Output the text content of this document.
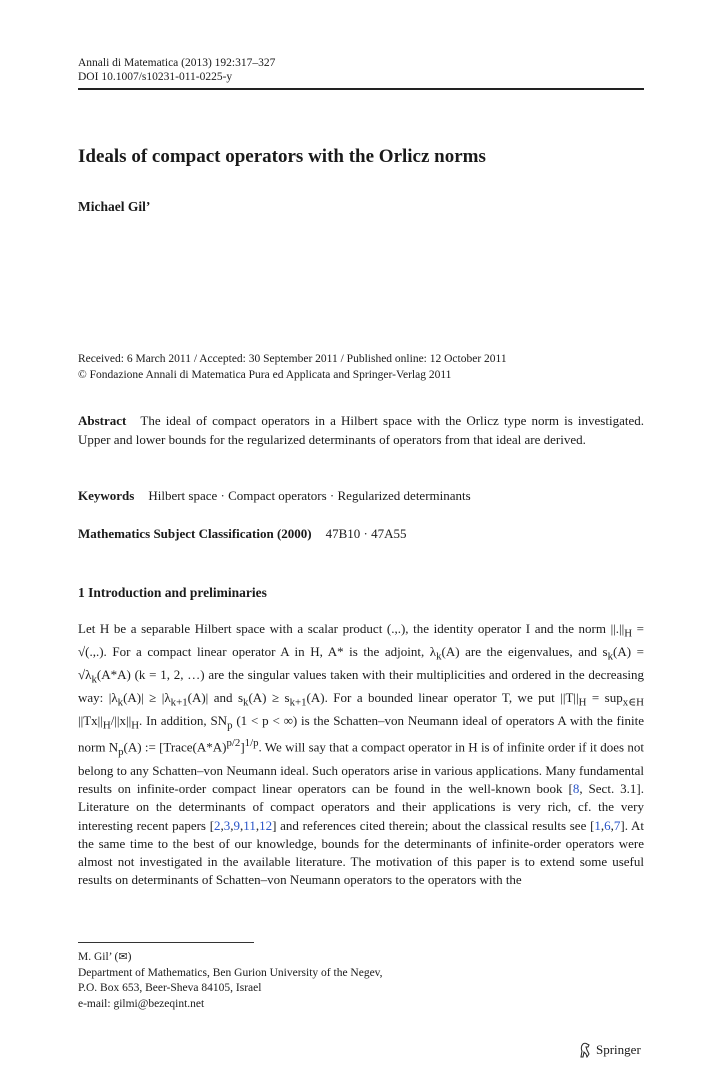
Annali di Matematica (2013) 192:317–327
DOI 10.1007/s10231-011-0225-y
Ideals of compact operators with the Orlicz norms
Michael Gil’
Received: 6 March 2011 / Accepted: 30 September 2011 / Published online: 12 October 2011
© Fondazione Annali di Matematica Pura ed Applicata and Springer-Verlag 2011
Abstract The ideal of compact operators in a Hilbert space with the Orlicz type norm is investigated. Upper and lower bounds for the regularized determinants of operators from that ideal are derived.
Keywords Hilbert space · Compact operators · Regularized determinants
Mathematics Subject Classification (2000) 47B10 · 47A55
1 Introduction and preliminaries
Let H be a separable Hilbert space with a scalar product (.,.), the identity operator I and the norm $||.||_H$ = √(.,.). For a compact linear operator A in H, A* is the adjoint, $\lambda_k(A)$ are the eigenvalues, and $s_k(A) = √\lambda_k(A*A) (k = 1$, 2, …) are the singular values taken with their multiplicities and ordered in the decreasing way: $|\lambda_k(A)| \ge |\lambda_{k+1}(A)|$ and $s_k(A) \ge s_{k+1}(A)$. For a bounded linear operator T, we put $||T||_H = sup_{x\in H}$ $||Tx||_H/||x||_H$. In addition, $SN_p$ (1 < p < ∞) is the Schatten–von Neumann ideal of operators A with the finite norm $N_p(A)$ := $[Trace(A*A)^{p/2}]^{1/p}$. We will say that a compact operator in H is of infinite order if it does not belong to any Schatten–von Neumann ideal. Such operators arise in various applications. Many fundamental results on infinite-order compact linear operators can be found in the well-known book [8, Sect. 3.1]. Literature on the determinants of compact operators and their applications is very rich, cf. the very interesting recent papers [2,3,9,11,12] and references cited therein; about the classical results see [1,6,7]. At the same time to the best of our knowledge, bounds for the determinants of infinite-order operators were almost not investigated in the available literature. The motivation of this paper is to extend some useful results on determinants of Schatten–von Neumann operators to the operators with the
M. Gil’ (✉)
Department of Mathematics, Ben Gurion University of the Negev,
P.O. Box 653, Beer-Sheva 84105, Israel
e-mail: gilmi@bezeqint.net
Springer
